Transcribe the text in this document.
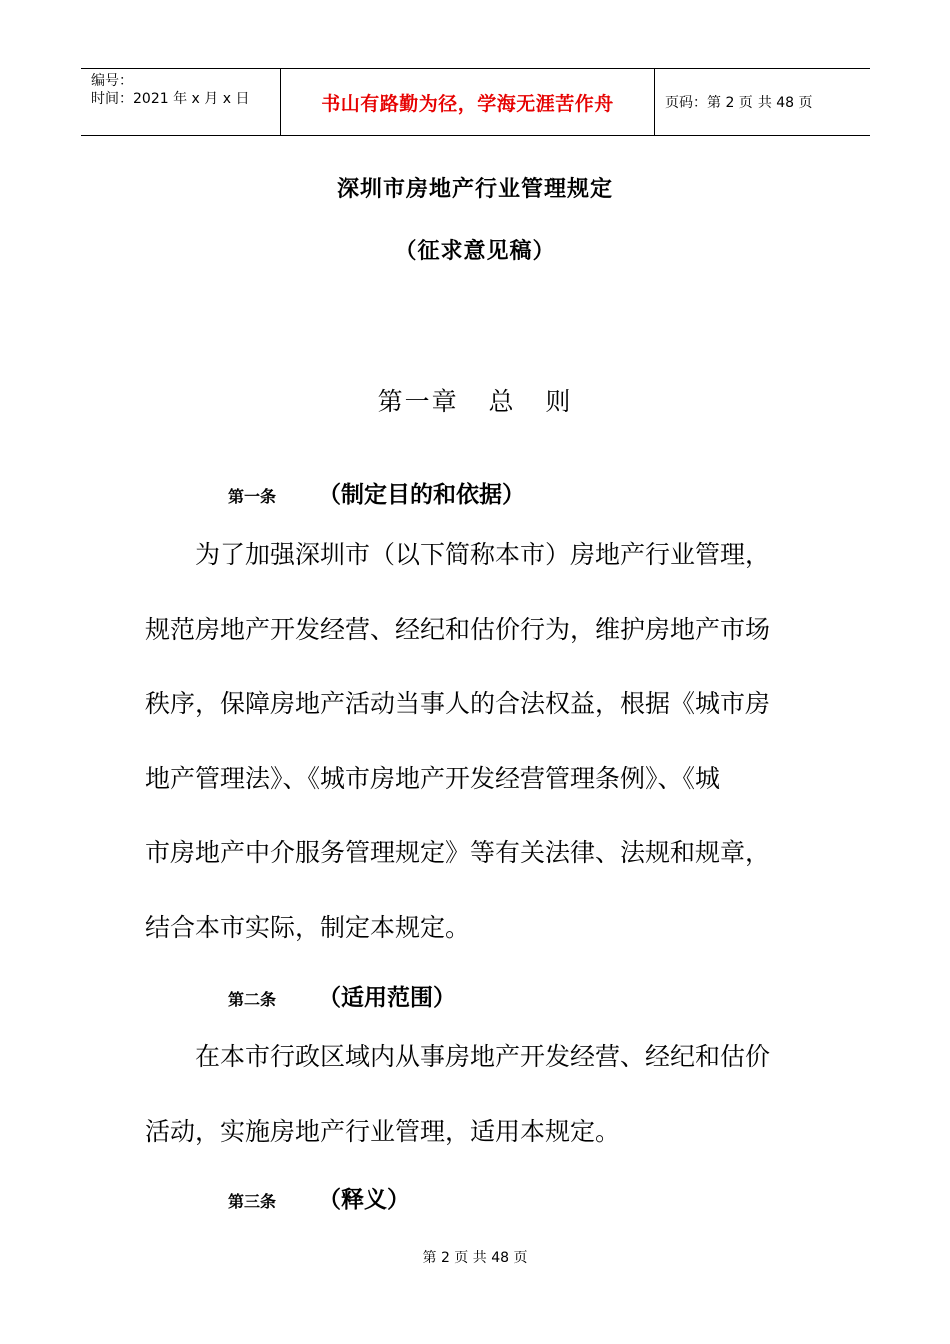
编号：
时间：2021 年 x 月 x 日	书山有路勤为径，学海无涯苦作舟	页码：第 2 页 共 48 页
深圳市房地产行业管理规定
（征求意见稿）
第一章   总   则
第一条	（制定目的和依据）
为了加强深圳市（以下简称本市）房地产行业管理，
规范房地产开发经营、经纪和估价行为，维护房地产市场
秩序，保障房地产活动当事人的合法权益，根据《城市房
地产管理法》、《城市房地产开发经营管理条例》、《城
市房地产中介服务管理规定》等有关法律、法规和规章，
结合本市实际，制定本规定。
第二条	（适用范围）
在本市行政区域内从事房地产开发经营、经纪和估价
活动，实施房地产行业管理，适用本规定。
第三条	（释义）
第 2 页 共 48 页
